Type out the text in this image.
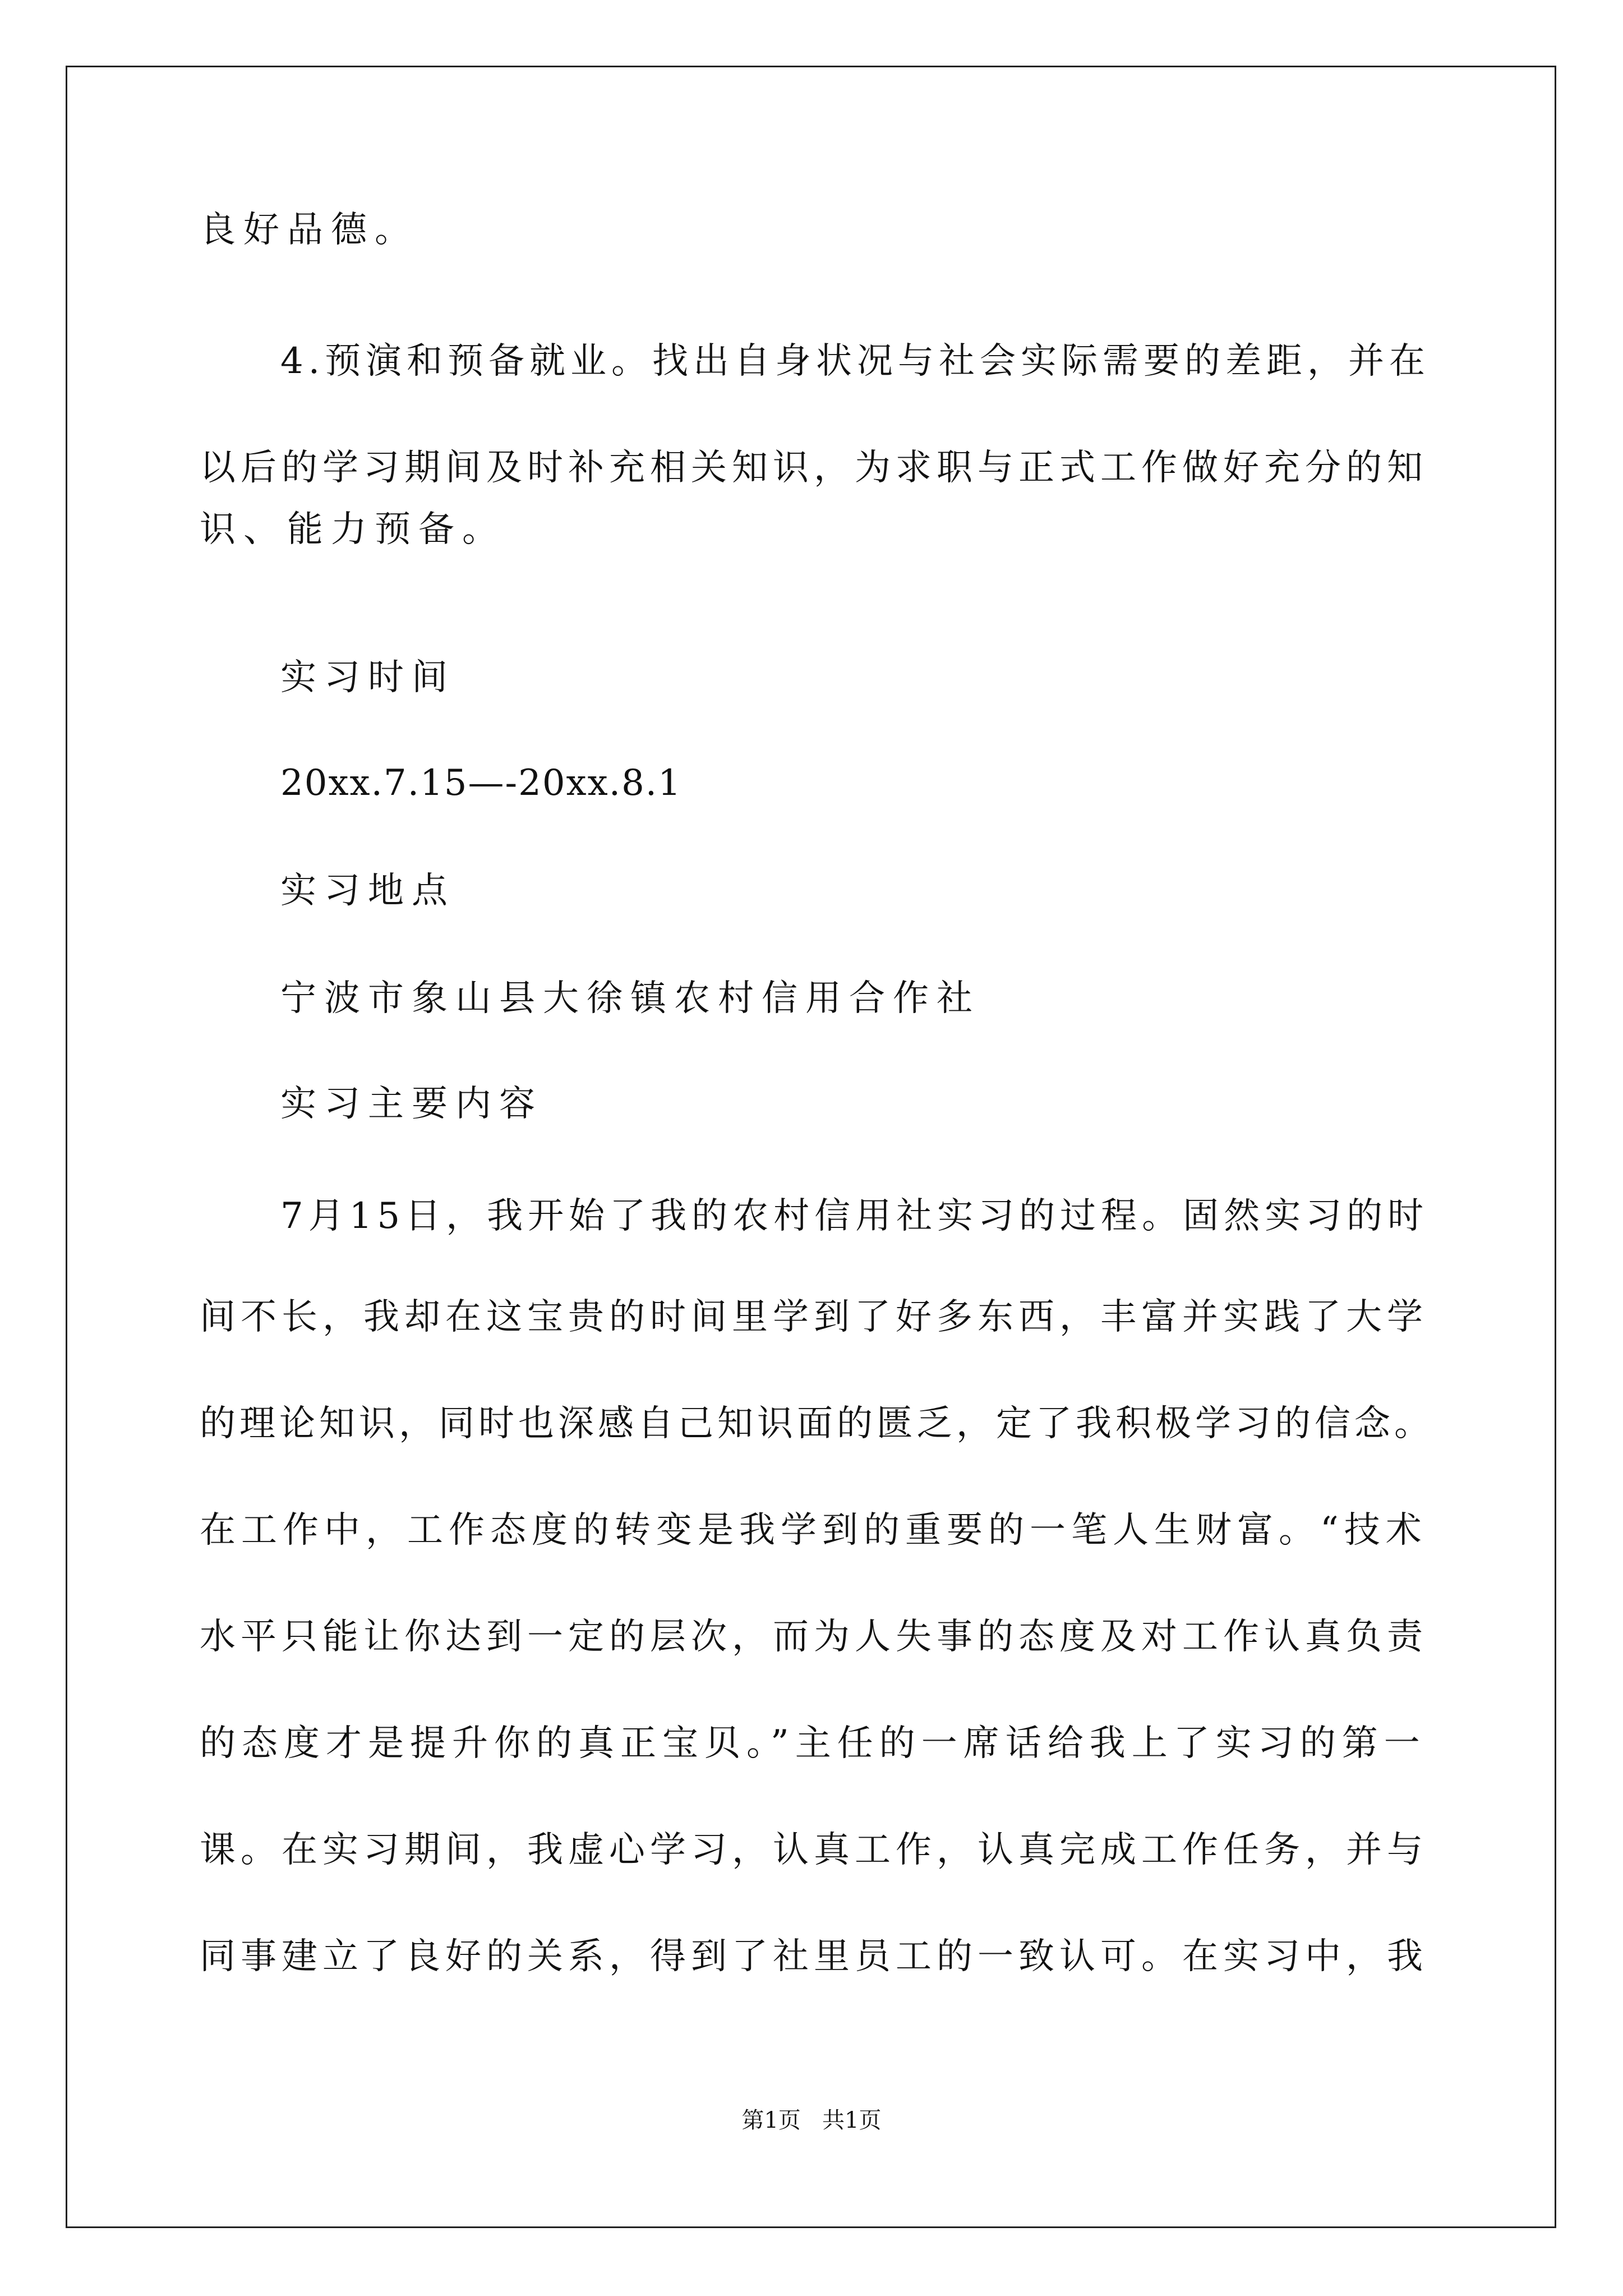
良好品德。
4.预演和预备就业。找出自身状况与社会实际需要的差距，并在
以后的学习期间及时补充相关知识，为求职与正式工作做好充分的知
识、能力预备。
实习时间
20xx.7.15—-20xx.8.1
实习地点
宁波市象山县大徐镇农村信用合作社
实习主要内容
7月15日，我开始了我的农村信用社实习的过程。固然实习的时
间不长，我却在这宝贵的时间里学到了好多东西，丰富并实践了大学
的理论知识，同时也深感自己知识面的匮乏，定了我积极学习的信念。
在工作中，工作态度的转变是我学到的重要的一笔人生财富。“技术
水平只能让你达到一定的层次，而为人失事的态度及对工作认真负责
的态度才是提升你的真正宝贝。”主任的一席话给我上了实习的第一
课。在实习期间，我虚心学习，认真工作，认真完成工作任务，并与
同事建立了良好的关系，得到了社里员工的一致认可。在实习中，我
第1页   共1页
